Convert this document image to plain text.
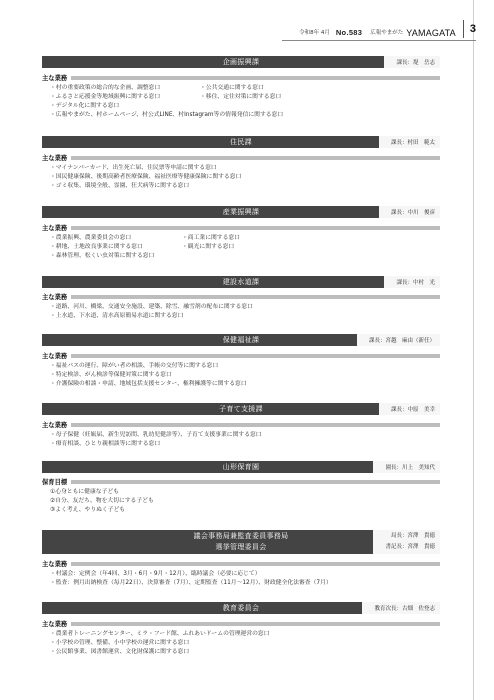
令和8年 4月 No.583 広報やまがた YAMAGATA	3
企画振興課	課長：堤　岳志
主な業務
・村の重要政策の総合的な企画、調整窓口	・公共交通に関する窓口
・ふるさと応援金等地域振興に関する窓口	・移住、定住対策に関する窓口
・デジタル化に関する窓口
・広報やまがた、村ホームページ、村公式LINE、村Instagram等の情報発信に関する窓口
住民課	課長：村田　範太
主な業務
・マイナンバーカード、出生死亡届、住民票等申請に関する窓口
・国民健康保険、後期高齢者医療保険、福祉医療等健康保険に関する窓口
・ゴミ収集、環境全般、霊園、狂犬病等に関する窓口
産業振興課	課長：中川　俊彦
主な業務
・農業振興、農業委員会の窓口	・商工業に関する窓口
・耕地、土地改良事業に関する窓口	・観光に関する窓口
・森林管理、松くい虫対策に関する窓口
建設水道課	課長：中村　光
主な業務
・道路、河川、橋梁、交通安全施設、建築、除雪、融雪剤の配布に関する窓口
・上水道、下水道、清水高原簡易水道に関する窓口
保健福祉課	課長：宮越　麻由（新任）
主な業務
・福祉バスの運行、障がい者の相談、手帳の交付等に関する窓口
・特定検診、がん検診等保健対策に関する窓口
・介護保険の相談・申請、地域包括支援センター、権利擁護等に関する窓口
子育て支援課	課長：中原　美幸
主な業務
・母子保健（妊娠届、新生児訪問、乳幼児健診等）、子育て支援事業に関する窓口
・療育相談、ひとり親相談等に関する窓口
山形保育園	園長：川上　美知代
保育目標
①心身ともに健康な子ども
②自分、友だち、物を大切にする子ども
③よく考え、やりぬく子ども
議会事務局兼監査委員事務局
選挙管理委員会
局長：宮澤　貴徳
書記長：宮澤　貴徳
主な業務
・村議会：定例会（年4回、3月・6月・9月・12月）、臨時議会（必要に応じて）
・監査：例月出納検査（毎月22日）、決算審査（7月）、定期監査（11月～12月）、財政健全化法審査（7月）
教育委員会	教育次長：古畑　佐登志
主な業務
・農業者トレーニングセンター、ミラ・フード館、ふれあいドームの管理運営の窓口
・小学校の管理、整備、小中学校の運営に関する窓口
・公民館事業、図書館運営、文化財保護に関する窓口
